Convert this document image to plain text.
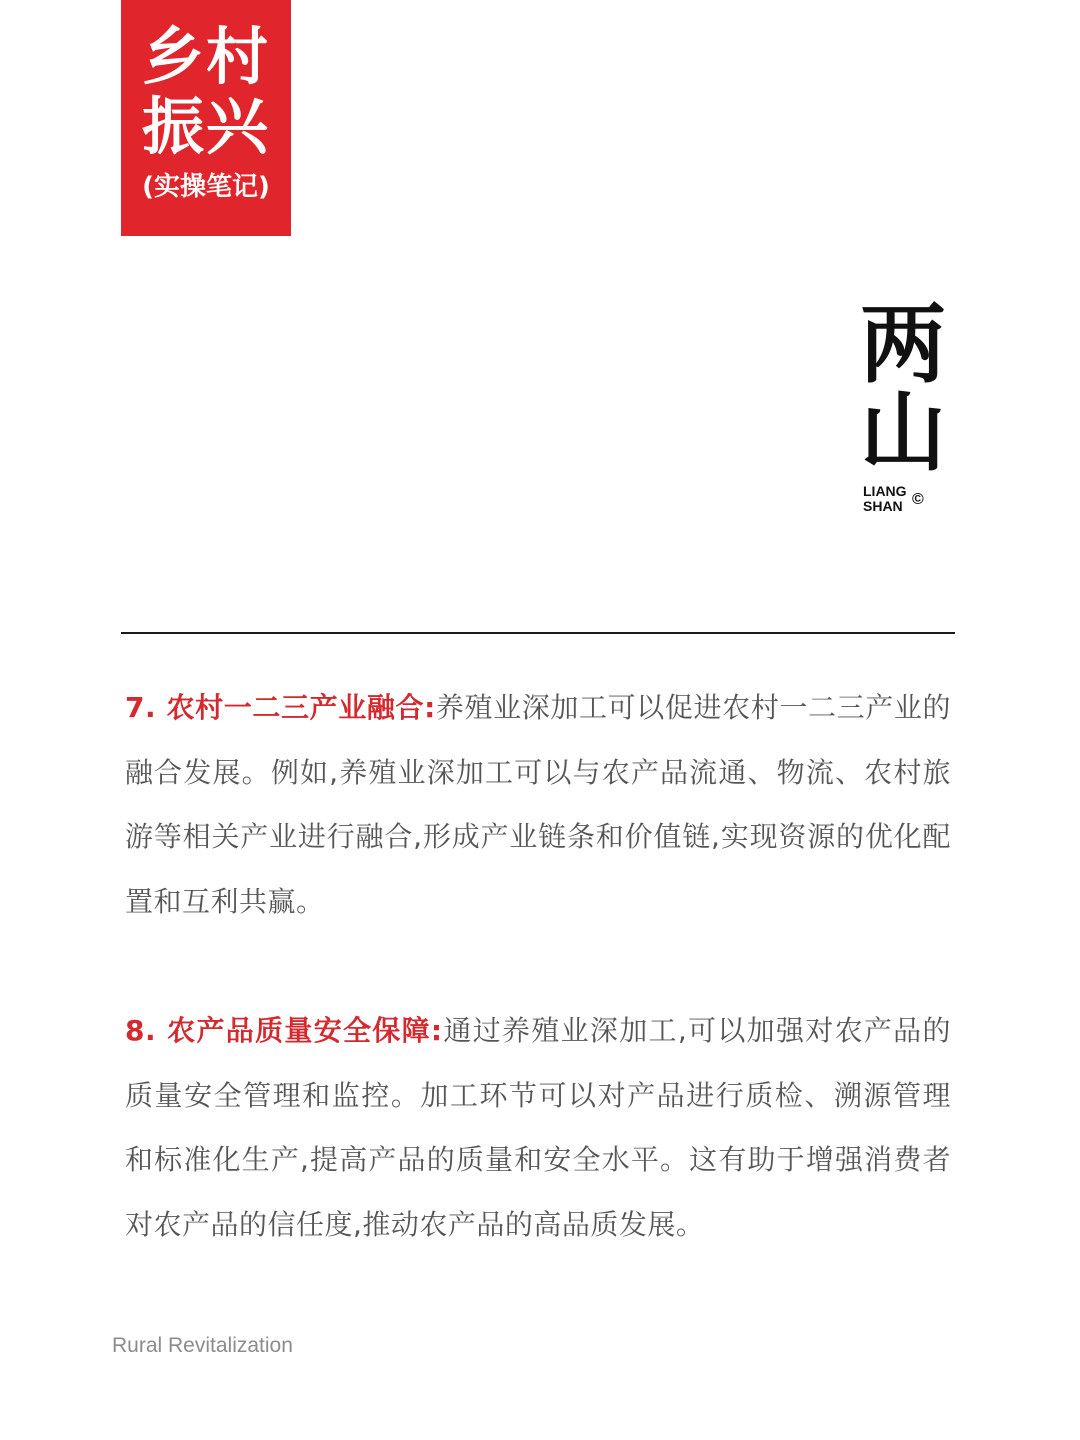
乡村
振兴
(实操笔记)
两
山
LIANG
SHAN ©

7. 农村一二三产业融合:养殖业深加工可以促进农村一二三产业的融合发展。例如,养殖业深加工可以与农产品流通、物流、农村旅游等相关产业进行融合,形成产业链条和价值链,实现资源的优化配置和互利共赢。

8. 农产品质量安全保障:通过养殖业深加工,可以加强对农产品的质量安全管理和监控。加工环节可以对产品进行质检、溯源管理和标准化生产,提高产品的质量和安全水平。这有助于增强消费者对农产品的信任度,推动农产品的高品质发展。

Rural Revitalization
